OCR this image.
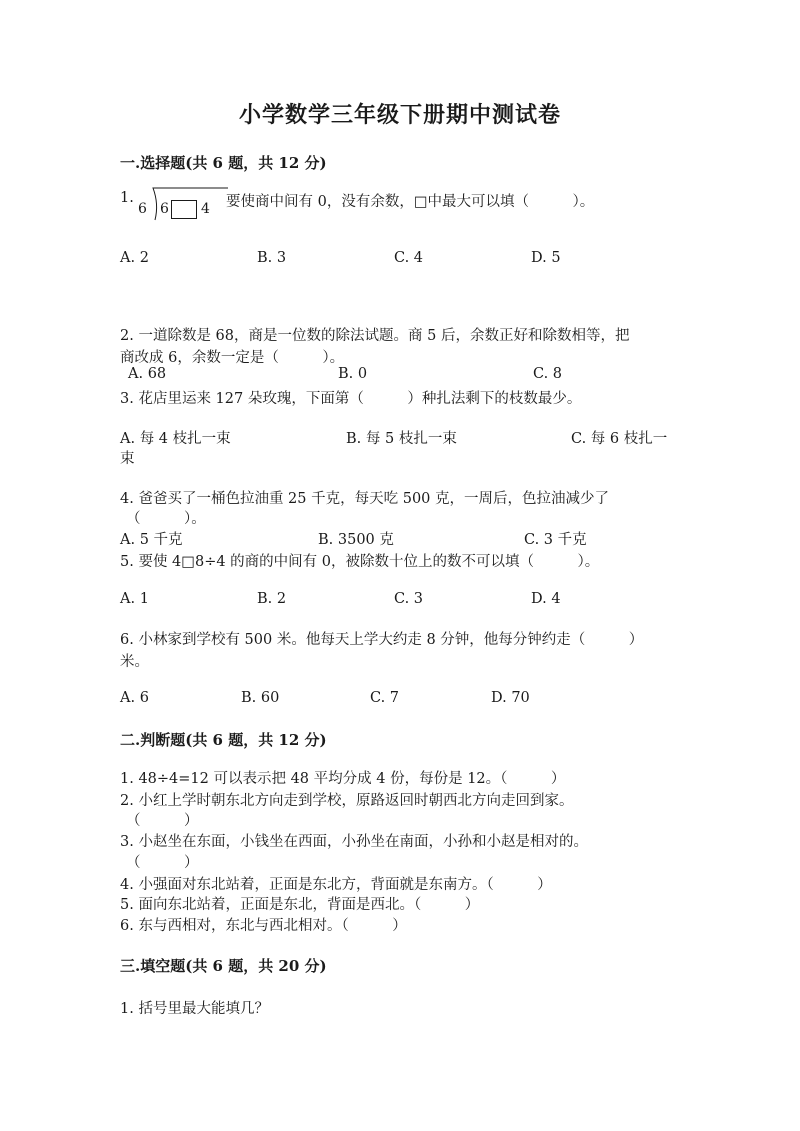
小学数学三年级下册期中测试卷
一.选择题(共 6 题，共 12 分)
1.
6 6 4 要使商中间有 0，没有余数，□中最大可以填（　　　）。
A. 2	B. 3	C. 4	D. 5
2. 一道除数是 68，商是一位数的除法试题。商 5 后，余数正好和除数相等，把
商改成 6，余数一定是（　　　）。
A. 68	B. 0	C. 8
3. 花店里运来 127 朵玫瑰，下面第（　　　）种扎法剩下的枝数最少。
A. 每 4 枝扎一束	B. 每 5 枝扎一束	C. 每 6 枝扎一
束
4. 爸爸买了一桶色拉油重 25 千克，每天吃 500 克，一周后，色拉油减少了
（　　　）。
A. 5 千克	B. 3500 克	C. 3 千克
5. 要使 4□8÷4 的商的中间有 0，被除数十位上的数不可以填（　　　）。
A. 1	B. 2	C. 3	D. 4
6. 小林家到学校有 500 米。他每天上学大约走 8 分钟，他每分钟约走（　　　）
米。
A. 6	B. 60	C. 7	D. 70
二.判断题(共 6 题，共 12 分)
1. 48÷4=12 可以表示把 48 平均分成 4 份，每份是 12。（　　　）
2. 小红上学时朝东北方向走到学校，原路返回时朝西北方向走回到家。
（　　　）
3. 小赵坐在东面，小钱坐在西面，小孙坐在南面，小孙和小赵是相对的。
（　　　）
4. 小强面对东北站着，正面是东北方，背面就是东南方。（　　　）
5. 面向东北站着，正面是东北，背面是西北。（　　　）
6. 东与西相对，东北与西北相对。（　　　）
三.填空题(共 6 题，共 20 分)
1. 括号里最大能填几？
